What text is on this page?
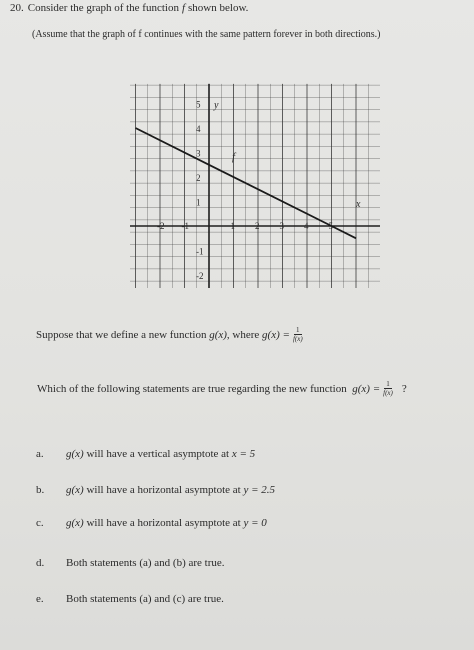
20. Consider the graph of the function f shown below.
(Assume that the graph of f continues with the same pattern forever in both directions.)
-2 -1	1 2 3 4 5
5
4
3
2
1
-1
-2
x
y
f
Suppose that we define a new function
g(x) , where
$g(x) = \frac{1}{f(x)}$
Which of the following statements are true regarding the new function
$g(x) = \frac{1}{f(x)}$ ?
a.	g(x) will have a vertical asymptote at x = 5
b.	g(x) will have a horizontal asymptote at y = 2.5
c.	g(x) will have a horizontal asymptote at y = 0
d.	Both statements (a) and (b) are true.
e.	Both statements (a) and (c) are true.
